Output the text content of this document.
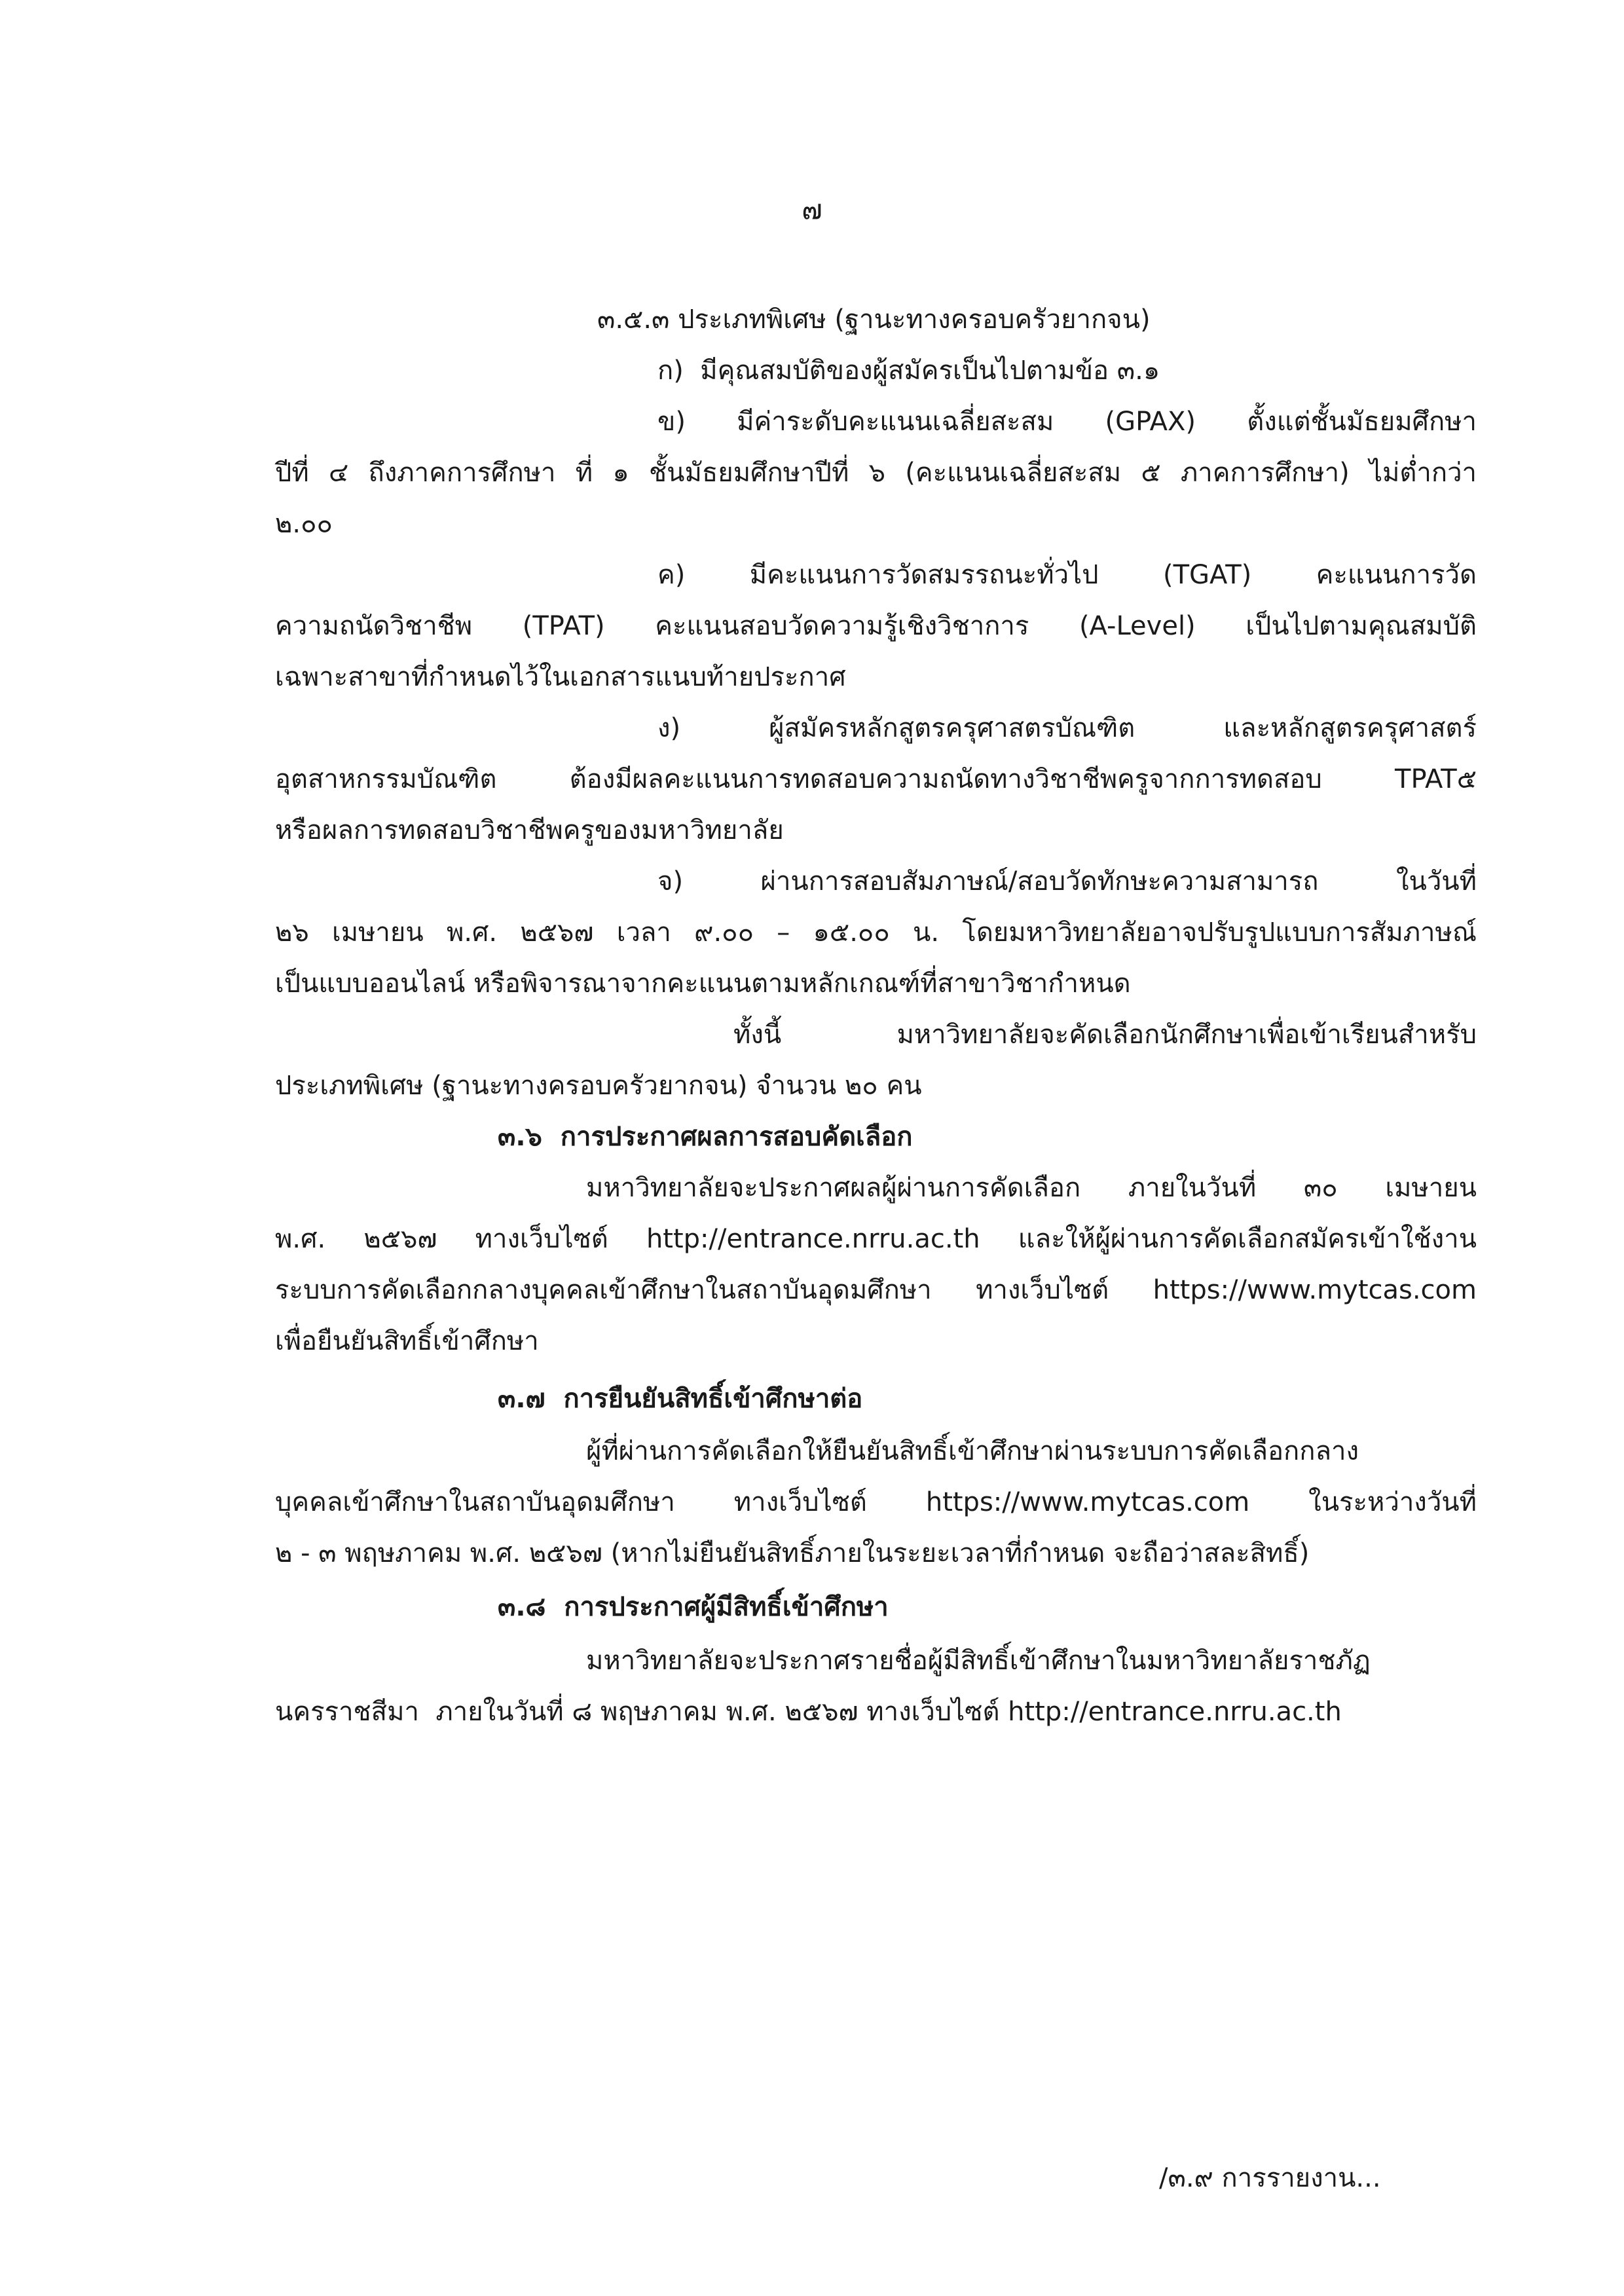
๗
๓.๕.๓ ประเภทพิเศษ (ฐานะทางครอบครัวยากจน)
ก)  มีคุณสมบัติของผู้สมัครเป็นไปตามข้อ ๓.๑
ข) มีค่าระดับคะแนนเฉลี่ยสะสม (GPAX) ตั้งแต่ชั้นมัธยมศึกษา
ปีที่ ๔ ถึงภาคการศึกษา ที่ ๑ ชั้นมัธยมศึกษาปีที่ ๖ (คะแนนเฉลี่ยสะสม ๕ ภาคการศึกษา) ไม่ต่ำกว่า
๒.๐๐
ค) มีคะแนนการวัดสมรรถนะทั่วไป (TGAT) คะแนนการวัด
ความถนัดวิชาชีพ (TPAT) คะแนนสอบวัดความรู้เชิงวิชาการ (A-Level) เป็นไปตามคุณสมบัติ
เฉพาะสาขาที่กำหนดไว้ในเอกสารแนบท้ายประกาศ
ง) ผู้สมัครหลักสูตรครุศาสตรบัณฑิต และหลักสูตรครุศาสตร์
อุตสาหกรรมบัณฑิต ต้องมีผลคะแนนการทดสอบความถนัดทางวิชาชีพครูจากการทดสอบ TPAT๕
หรือผลการทดสอบวิชาชีพครูของมหาวิทยาลัย
จ) ผ่านการสอบสัมภาษณ์/สอบวัดทักษะความสามารถ ในวันที่
๒๖ เมษายน พ.ศ. ๒๕๖๗ เวลา ๙.๐๐ – ๑๕.๐๐ น. โดยมหาวิทยาลัยอาจปรับรูปแบบการสัมภาษณ์
เป็นแบบออนไลน์ หรือพิจารณาจากคะแนนตามหลักเกณฑ์ที่สาขาวิชากำหนด
ทั้งนี้ มหาวิทยาลัยจะคัดเลือกนักศึกษาเพื่อเข้าเรียนสำหรับ
ประเภทพิเศษ (ฐานะทางครอบครัวยากจน) จำนวน ๒๐ คน
๓.๖  การประกาศผลการสอบคัดเลือก
มหาวิทยาลัยจะประกาศผลผู้ผ่านการคัดเลือก ภายในวันที่ ๓๐ เมษายน
พ.ศ. ๒๕๖๗ ทางเว็บไซต์ http://entrance.nrru.ac.th และให้ผู้ผ่านการคัดเลือกสมัครเข้าใช้งาน
ระบบการคัดเลือกกลางบุคคลเข้าศึกษาในสถาบันอุดมศึกษา ทางเว็บไซต์ https://www.mytcas.com
เพื่อยืนยันสิทธิ์เข้าศึกษา
๓.๗  การยืนยันสิทธิ์เข้าศึกษาต่อ
ผู้ที่ผ่านการคัดเลือกให้ยืนยันสิทธิ์เข้าศึกษาผ่านระบบการคัดเลือกกลาง
บุคคลเข้าศึกษาในสถาบันอุดมศึกษา ทางเว็บไซต์ https://www.mytcas.com ในระหว่างวันที่
๒ - ๓ พฤษภาคม พ.ศ. ๒๕๖๗ (หากไม่ยืนยันสิทธิ์ภายในระยะเวลาที่กำหนด จะถือว่าสละสิทธิ์)
๓.๘  การประกาศผู้มีสิทธิ์เข้าศึกษา
มหาวิทยาลัยจะประกาศรายชื่อผู้มีสิทธิ์เข้าศึกษาในมหาวิทยาลัยราชภัฏ
นครราชสีมา  ภายในวันที่ ๘ พฤษภาคม พ.ศ. ๒๕๖๗ ทางเว็บไซต์ http://entrance.nrru.ac.th
/๓.๙ การรายงาน...
